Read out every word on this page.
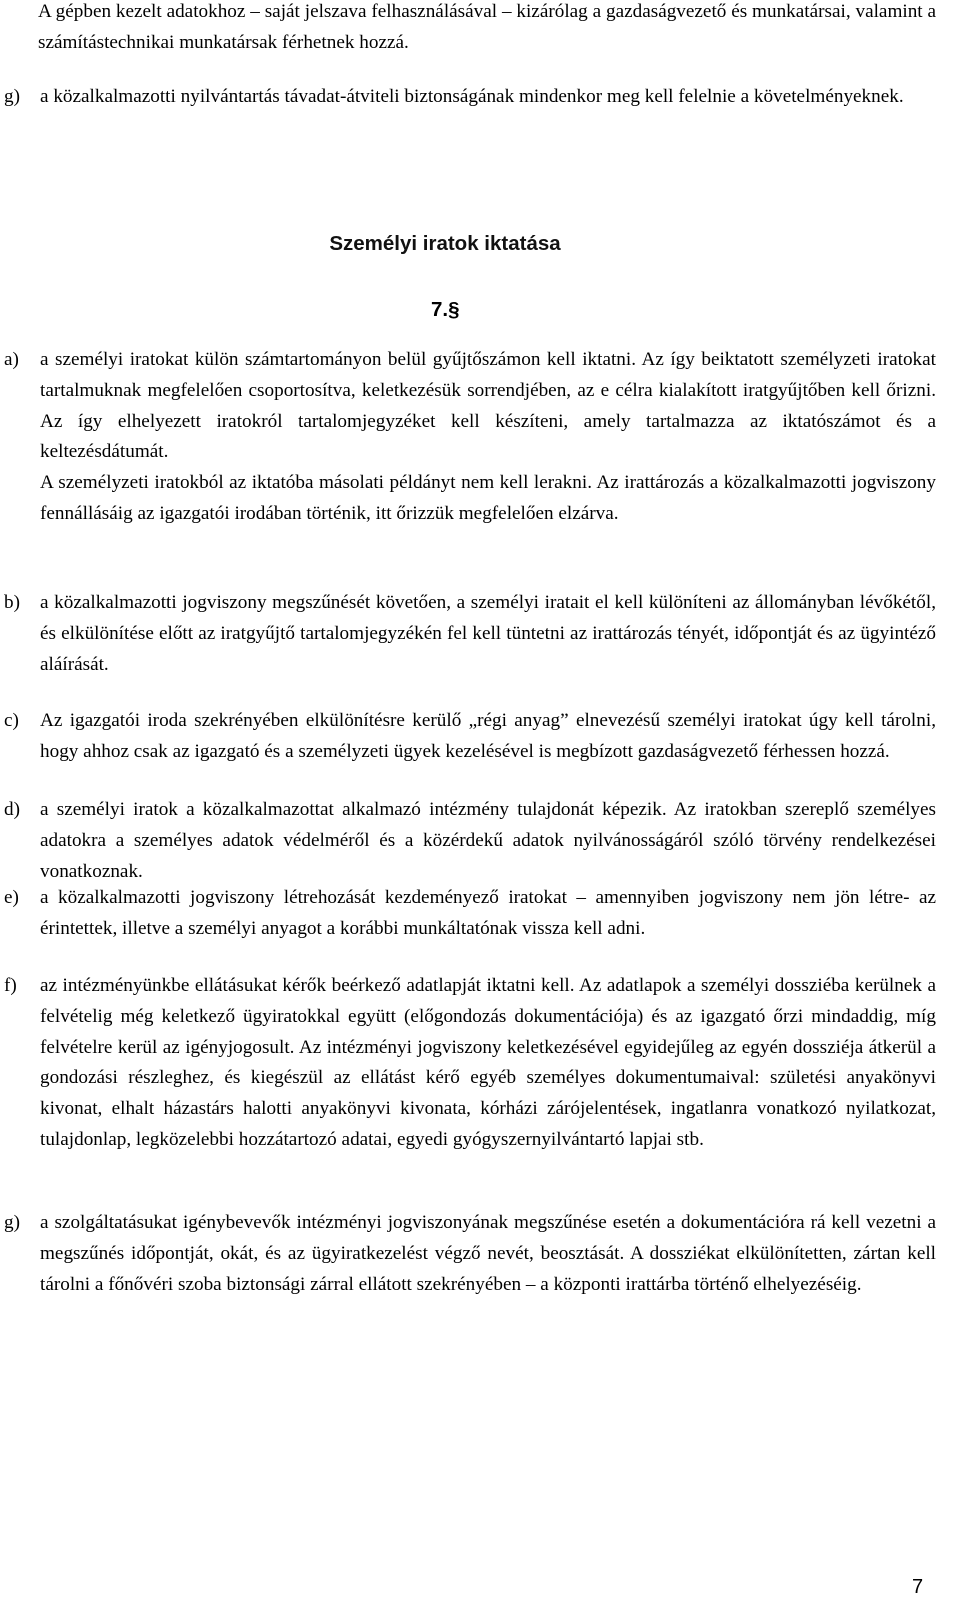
A gépben kezelt adatokhoz – saját jelszava felhasználásával – kizárólag a gazdaságvezető és munkatársai, valamint a számítástechnikai munkatársak férhetnek hozzá.
g)	a közalkalmazotti nyilvántartás távadat-átviteli biztonságának mindenkor meg kell felelnie a követelményeknek.
Személyi iratok iktatása
7.§
a)	a személyi iratokat külön számtartományon belül gyűjtőszámon kell iktatni. Az így beiktatott személyzeti iratokat tartalmuknak megfelelően csoportosítva, keletkezésük sorrendjében, az e célra kialakított iratgyűjtőben kell őrizni. Az így elhelyezett iratokról tartalomjegyzéket kell készíteni, amely tartalmazza az iktatószámot és a keltezésdátumát.
A személyzeti iratokból az iktatóba másolati példányt nem kell lerakni. Az irattározás a közalkalmazotti jogviszony fennállásáig az igazgatói irodában történik, itt őrizzük megfelelően elzárva.
b)	a közalkalmazotti jogviszony megszűnését követően, a személyi iratait el kell különíteni az állományban lévőkétől, és elkülönítése előtt az iratgyűjtő tartalomjegyzékén fel kell tüntetni az irattározás tényét, időpontját és az ügyintéző aláírását.
c)	Az igazgatói iroda szekrényében elkülönítésre kerülő „régi anyag” elnevezésű személyi iratokat úgy kell tárolni, hogy ahhoz csak az igazgató és a személyzeti ügyek kezelésével is megbízott gazdaságvezető férhessen hozzá.
d)	a személyi iratok a közalkalmazottat alkalmazó intézmény tulajdonát képezik. Az iratokban szereplő személyes adatokra a személyes adatok védelméről és a közérdekű adatok nyilvánosságáról szóló törvény rendelkezései vonatkoznak.
e)	a közalkalmazotti jogviszony létrehozását kezdeményező iratokat – amennyiben jogviszony nem jön létre- az érintettek, illetve a személyi anyagot a korábbi munkáltatónak vissza kell adni.
f)	az intézményünkbe ellátásukat kérők beérkező adatlapját iktatni kell. Az adatlapok a személyi dossziéba kerülnek a felvételig még keletkező ügyiratokkal együtt (előgondozás dokumentációja) és az igazgató őrzi mindaddig, míg felvételre kerül az igényjogosult. Az intézményi jogviszony keletkezésével egyidejűleg az egyén dossziéja átkerül a gondozási részleghez, és kiegészül az ellátást kérő egyéb személyes dokumentumaival: születési anyakönyvi kivonat, elhalt házastárs halotti anyakönyvi kivonata, kórházi zárójelentések, ingatlanra vonatkozó nyilatkozat, tulajdonlap, legközelebbi hozzátartozó adatai, egyedi gyógyszernyilvántartó lapjai stb.
g)	a szolgáltatásukat igénybevevők intézményi jogviszonyának megszűnése esetén a dokumentációra rá kell vezetni a megszűnés időpontját, okát, és az ügyiratkezelést végző nevét, beosztását. A dossziékat elkülönítetten, zártan kell tárolni a főnővéri szoba biztonsági zárral ellátott szekrényében – a központi irattárba történő elhelyezéséig.
7
